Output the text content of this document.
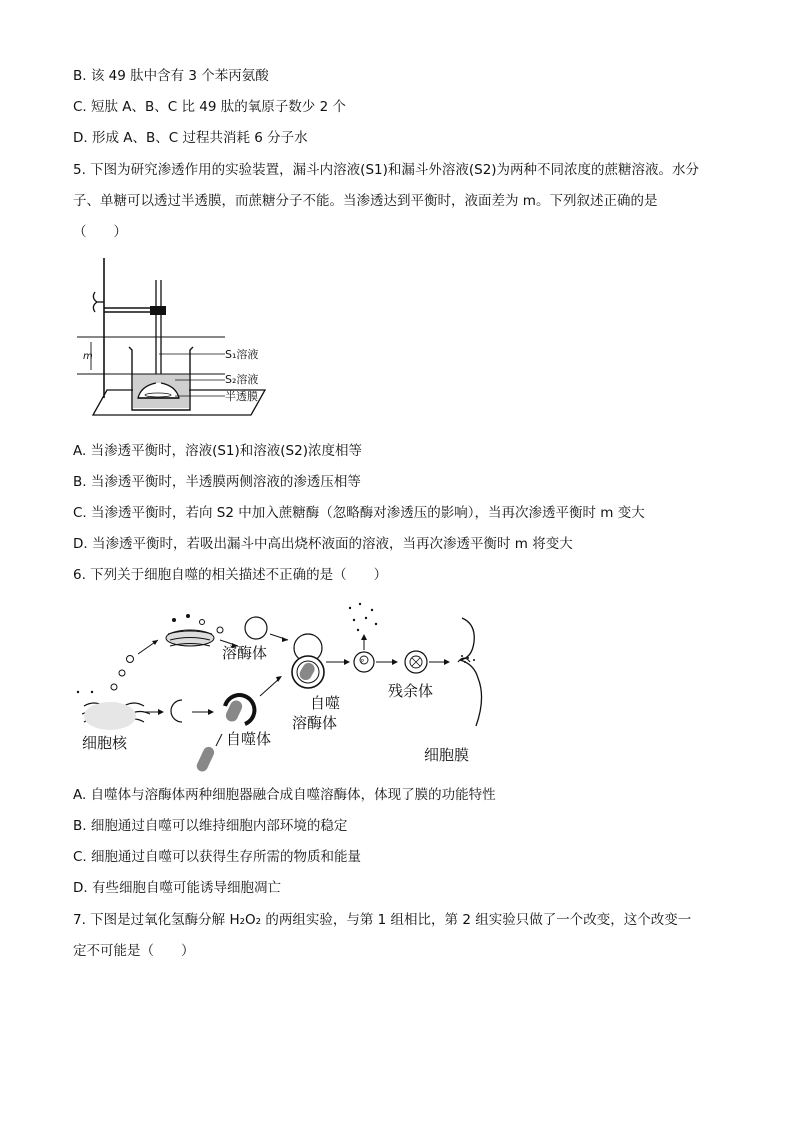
B. 该 49 肽中含有 3 个苯丙氨酸
C. 短肽 A、B、C 比 49 肽的氧原子数少 2 个
D. 形成 A、B、C 过程共消耗 6 分子水
5. 下图为研究渗透作用的实验装置，漏斗内溶液(S1)和漏斗外溶液(S2)为两种不同浓度的蔗糖溶液。水分
子、单糖可以透过半透膜，而蔗糖分子不能。当渗透达到平衡时，液面差为 m。下列叙述正确的是
（　　）
m	S₁溶液
S₂溶液
半透膜
A. 当渗透平衡时，溶液(S1)和溶液(S2)浓度相等
B. 当渗透平衡时，半透膜两侧溶液的渗透压相等
C. 当渗透平衡时，若向 S2 中加入蔗糖酶（忽略酶对渗透压的影响），当再次渗透平衡时 m 变大
D. 当渗透平衡时，若吸出漏斗中高出烧杯液面的溶液，当再次渗透平衡时 m 将变大
6. 下列关于细胞自噬的相关描述不正确的是（　　）
细胞核
溶酶体
自噬
溶酶体
自噬体
P
残余体
细胞膜
A. 自噬体与溶酶体两种细胞器融合成自噬溶酶体，体现了膜的功能特性
B. 细胞通过自噬可以维持细胞内部环境的稳定
C. 细胞通过自噬可以获得生存所需的物质和能量
D. 有些细胞自噬可能诱导细胞凋亡
7. 下图是过氧化氢酶分解 H₂O₂ 的两组实验，与第 1 组相比，第 2 组实验只做了一个改变，这个改变一
定不可能是（　　）
